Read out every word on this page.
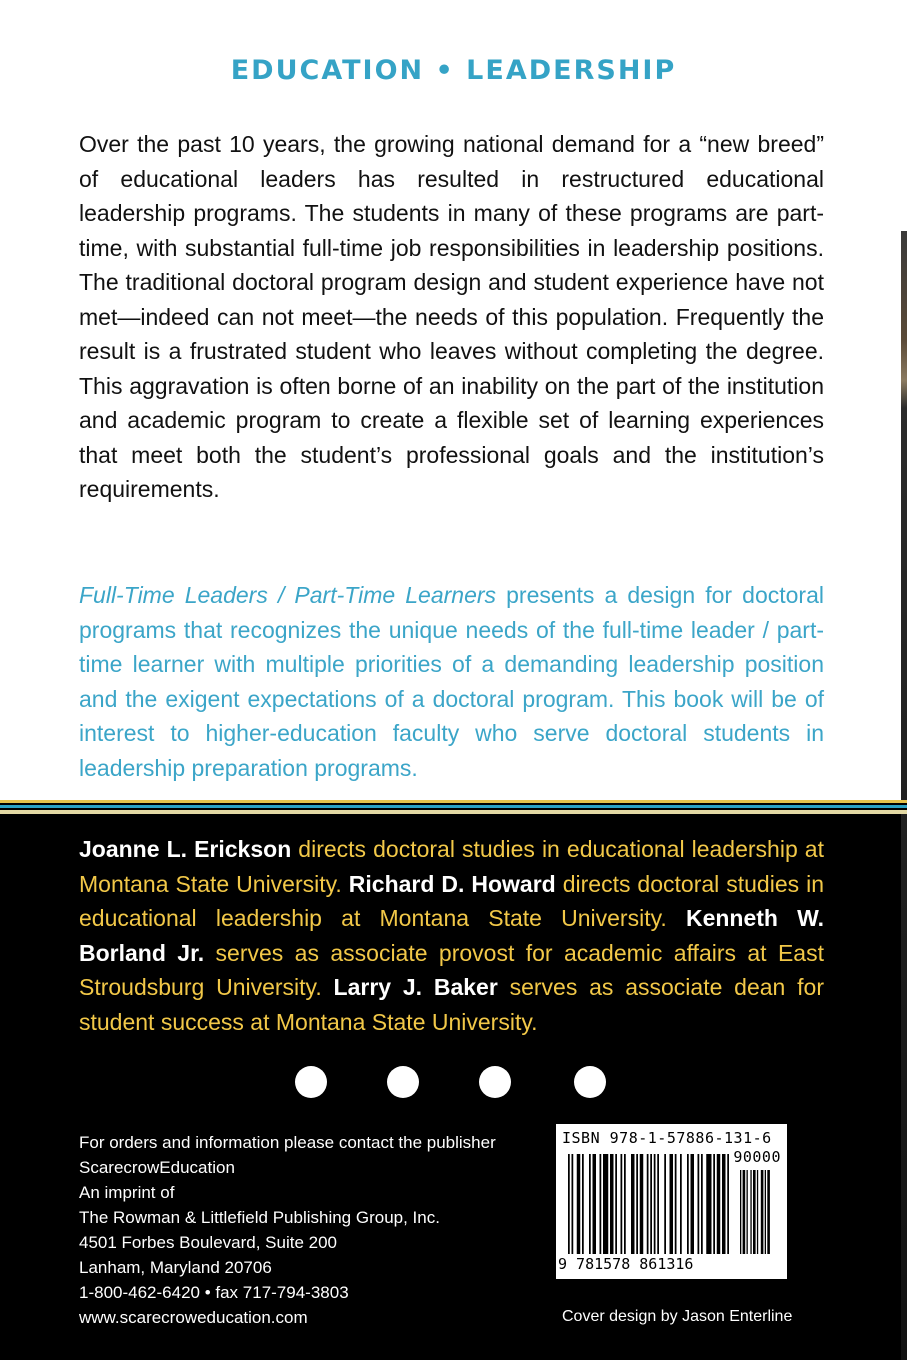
EDUCATION • LEADERSHIP

Over the past 10 years, the growing national demand for a “new breed” of educational leaders has resulted in restructured educational leadership programs. The students in many of these programs are part-time, with substantial full-time job responsibilities in leadership positions. The traditional doctoral program design and student experience have not met—indeed can not meet—the needs of this population. Frequently the result is a frustrated student who leaves without completing the degree. This aggravation is often borne of an inability on the part of the institution and academic program to create a flexible set of learning experiences that meet both the student’s professional goals and the institution’s requirements.

Full-Time Leaders / Part-Time Learners presents a design for doctoral programs that recognizes the unique needs of the full-time leader / part-time learner with multiple priorities of a demanding leadership position and the exigent expectations of a doctoral program. This book will be of interest to higher-education faculty who serve doctoral students in leadership preparation programs.

Joanne L. Erickson directs doctoral studies in educational leadership at Montana State University. Richard D. Howard directs doctoral studies in educational leadership at Montana State University. Kenneth W. Borland Jr. serves as associate provost for academic affairs at East Stroudsburg University. Larry J. Baker serves as associate dean for student success at Montana State University.

For orders and information please contact the publisher
ScarecrowEducation
An imprint of
The Rowman & Littlefield Publishing Group, Inc.
4501 Forbes Boulevard, Suite 200
Lanham, Maryland 20706
1-800-462-6420 • fax 717-794-3803
www.scarecroweducation.com
ISBN 978-1-57886-131-6
90000
9 781578 861316
Cover design by Jason Enterline
